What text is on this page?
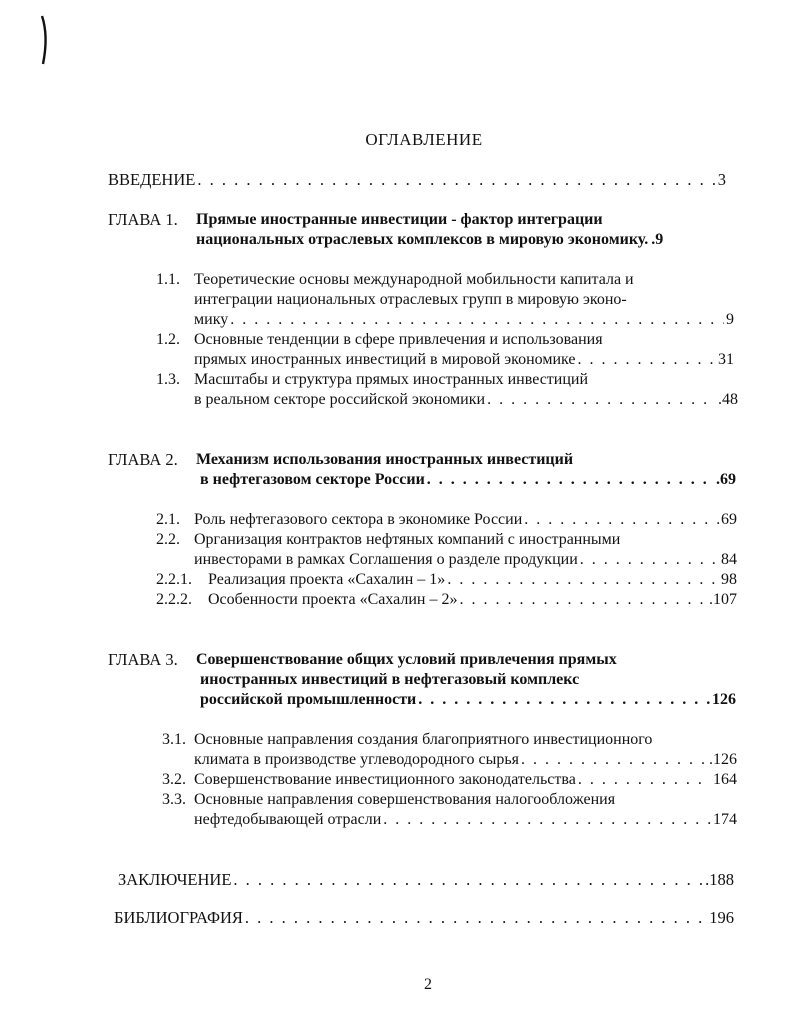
ОГЛАВЛЕНИЕ
ВВЕДЕНИЕ . . .	3
ГЛАВА 1. Прямые иностранные инвестиции - фактор интеграции
национальных отраслевых комплексов в мировую экономику. .9
1.1. Теоретические основы международной мобильности капитала и
интеграции национальных отраслевых групп в мировую эконо-
мику . . .	9
1.2. Основные тенденции в сфере привлечения и использования
прямых иностранных инвестиций в мировой экономике . . .	31
1.3. Масштабы и структура прямых иностранных инвестиций
в реальном секторе российской экономики . . .	.48
ГЛАВА 2. Механизм использования иностранных инвестиций
в нефтегазовом секторе России . . .	.69
2.1. Роль нефтегазового сектора в экономике России . . .	69
2.2. Организация контрактов нефтяных компаний с иностранными
инвесторами в рамках Соглашения о разделе продукции . . .	84
2.2.1. Реализация проекта «Сахалин – 1» . . .	98
2.2.2. Особенности проекта «Сахалин – 2» . . .	.107
ГЛАВА 3. Совершенствование общих условий привлечения прямых
иностранных инвестиций в нефтегазовый комплекс
российской промышленности . . .	126
3.1. Основные направления создания благоприятного инвестиционного
климата в производстве углеводородного сырья . . .	.126
3.2. Совершенствование инвестиционного законодательства . . .	164
3.3. Основные направления совершенствования налогообложения
нефтедобывающей отрасли . . .	174
ЗАКЛЮЧЕНИЕ . . .	.188
БИБЛИОГРАФИЯ . . .	196
2
